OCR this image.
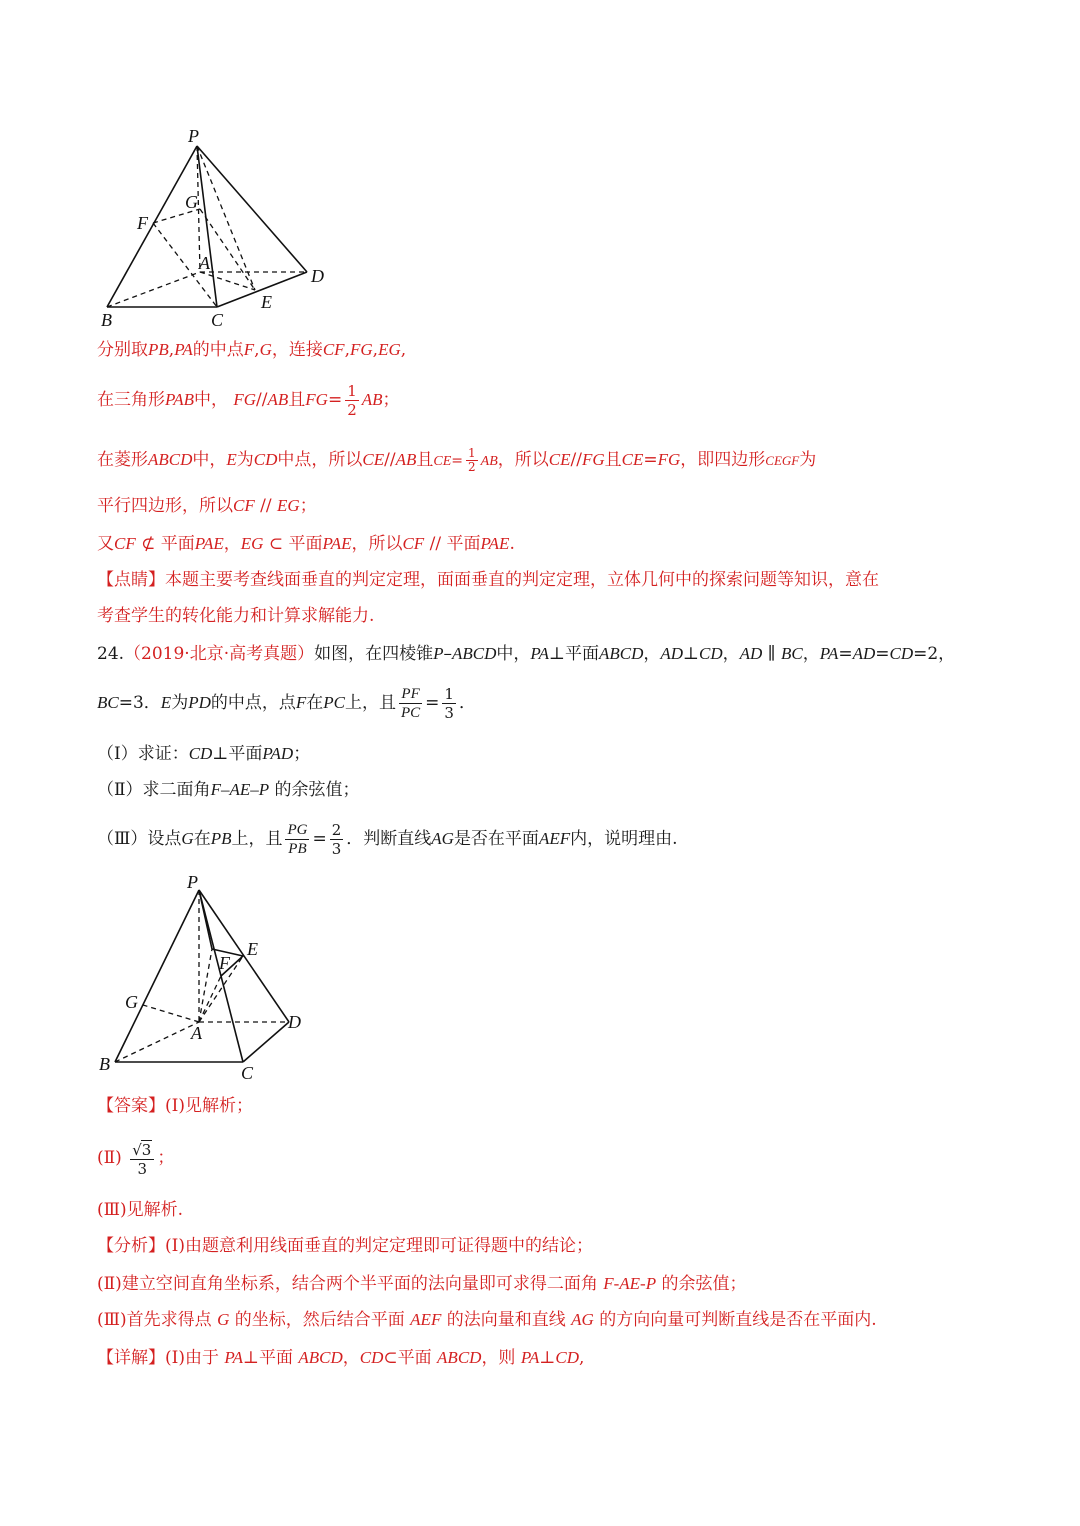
P
G
F
A
D
E
B	C
分别取PB,PA的中点F,G，连接CF,FG,EG,
在三角形PAB中， FG//AB且$FG= \frac{1}{2}$ AB；
在菱形ABCD中，E为CD中点，所以CE//AB且$CE= \frac{1}{2}$ AB，所以CE//FG且CE=FG，即四边形CEGF为
平行四边形，所以CF // EG；
又CF ⊄ 平面PAE，EG ⊂ 平面PAE，所以CF // 平面PAE.
【点睛】本题主要考查线面垂直的判定定理，面面垂直的判定定理，立体几何中的探索问题等知识，意在
考查学生的转化能力和计算求解能力.
24.（2019·北京·高考真题）如图，在四棱锥P–ABCD中，PA⊥平面ABCD，AD⊥CD，AD ∥ BC，PA=AD=CD=2，
BC=3．E为PD的中点，点F在PC上，且 $\frac{PF}{PC} = \frac{1}{3}$ ．
（Ⅰ）求证：CD⊥平面PAD；
（Ⅱ）求二面角F–AE–P 的余弦值；
（Ⅲ）设点G在PB上，且 $\frac{PG}{PB} = \frac{2}{3}$ ．判断直线AG是否在平面AEF内，说明理由.
P
E
F
G
A
D
B	C
【答案】(Ⅰ)见解析；
(Ⅱ) $\frac{√3}{3}$ ；
(Ⅲ)见解析.
【分析】(Ⅰ)由题意利用线面垂直的判定定理即可证得题中的结论；
(Ⅱ)建立空间直角坐标系，结合两个半平面的法向量即可求得二面角 F-AE-P 的余弦值；
(Ⅲ)首先求得点 G 的坐标，然后结合平面 AEF 的法向量和直线 AG 的方向向量可判断直线是否在平面内.
【详解】(Ⅰ)由于 PA⊥平面 ABCD，CD⊂平面 ABCD，则 PA⊥CD,
